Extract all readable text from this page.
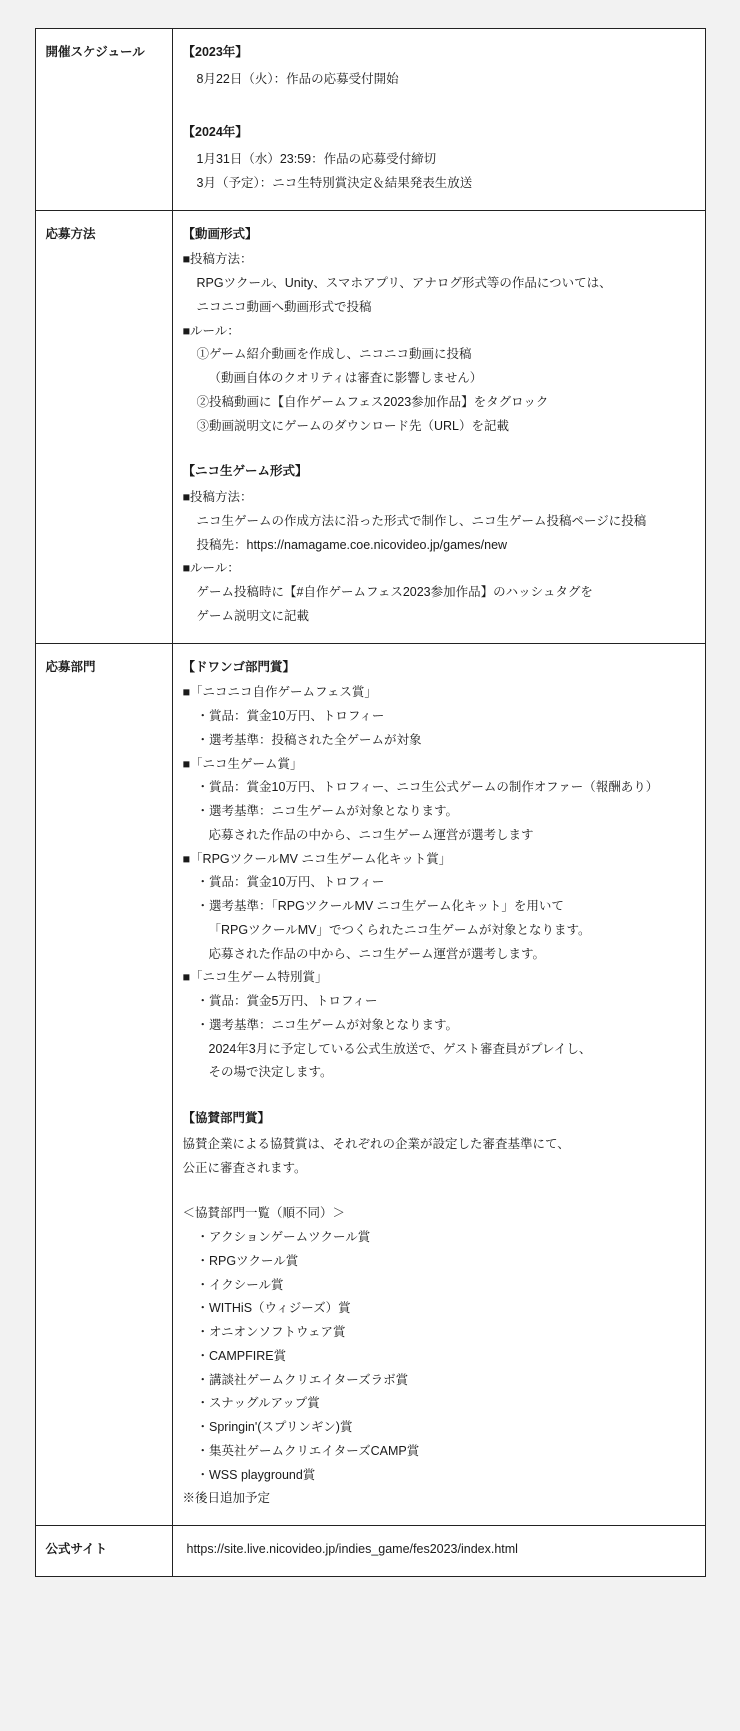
開催スケジュール	【2023年】

8月22日（火）：作品の応募受付開始

【2024年】

1月31日（水）23:59：作品の応募受付締切

3月（予定）：ニコ生特別賞決定＆結果発表生放送

応募方法	【動画形式】

■投稿方法：

RPGツクール、Unity、スマホアプリ、アナログ形式等の作品については、

ニコニコ動画へ動画形式で投稿

■ルール：

①ゲーム紹介動画を作成し、ニコニコ動画に投稿

（動画自体のクオリティは審査に影響しません）

②投稿動画に【自作ゲームフェス2023参加作品】をタグロック

③動画説明文にゲームのダウンロード先（URL）を記載

【ニコ生ゲーム形式】

■投稿方法：

ニコ生ゲームの作成方法に沿った形式で制作し、ニコ生ゲーム投稿ページに投稿

投稿先：https://namagame.coe.nicovideo.jp/games/new

■ルール：

ゲーム投稿時に【#自作ゲームフェス2023参加作品】のハッシュタグを

ゲーム説明文に記載

応募部門	【ドワンゴ部門賞】

■「ニコニコ自作ゲームフェス賞」

・賞品：賞金10万円、トロフィー

・選考基準：投稿された全ゲームが対象

■「ニコ生ゲーム賞」

・賞品：賞金10万円、トロフィー、ニコ生公式ゲームの制作オファー（報酬あり）

・選考基準：ニコ生ゲームが対象となります。

応募された作品の中から、ニコ生ゲーム運営が選考します

■「RPGツクールMV ニコ生ゲーム化キット賞」

・賞品：賞金10万円、トロフィー

・選考基準：「RPGツクールMV ニコ生ゲーム化キット」を用いて

「RPGツクールMV」でつくられたニコ生ゲームが対象となります。

応募された作品の中から、ニコ生ゲーム運営が選考します。

■「ニコ生ゲーム特別賞」

・賞品：賞金5万円、トロフィー

・選考基準：ニコ生ゲームが対象となります。

2024年3月に予定している公式生放送で、ゲスト審査員がプレイし、

その場で決定します。

【協賛部門賞】

協賛企業による協賛賞は、それぞれの企業が設定した審査基準にて、

公正に審査されます。

＜協賛部門一覧（順不同）＞

・アクションゲームツクール賞

・RPGツクール賞

・イクシール賞

・WITHiS（ウィジーズ）賞

・オニオンソフトウェア賞

・CAMPFIRE賞

・講談社ゲームクリエイターズラボ賞

・スナッグルアップ賞

・Springin'(スプリンギン)賞

・集英社ゲームクリエイターズCAMP賞

・WSS playground賞

※後日追加予定

公式サイト	https://site.live.nicovideo.jp/indies_game/fes2023/index.html
